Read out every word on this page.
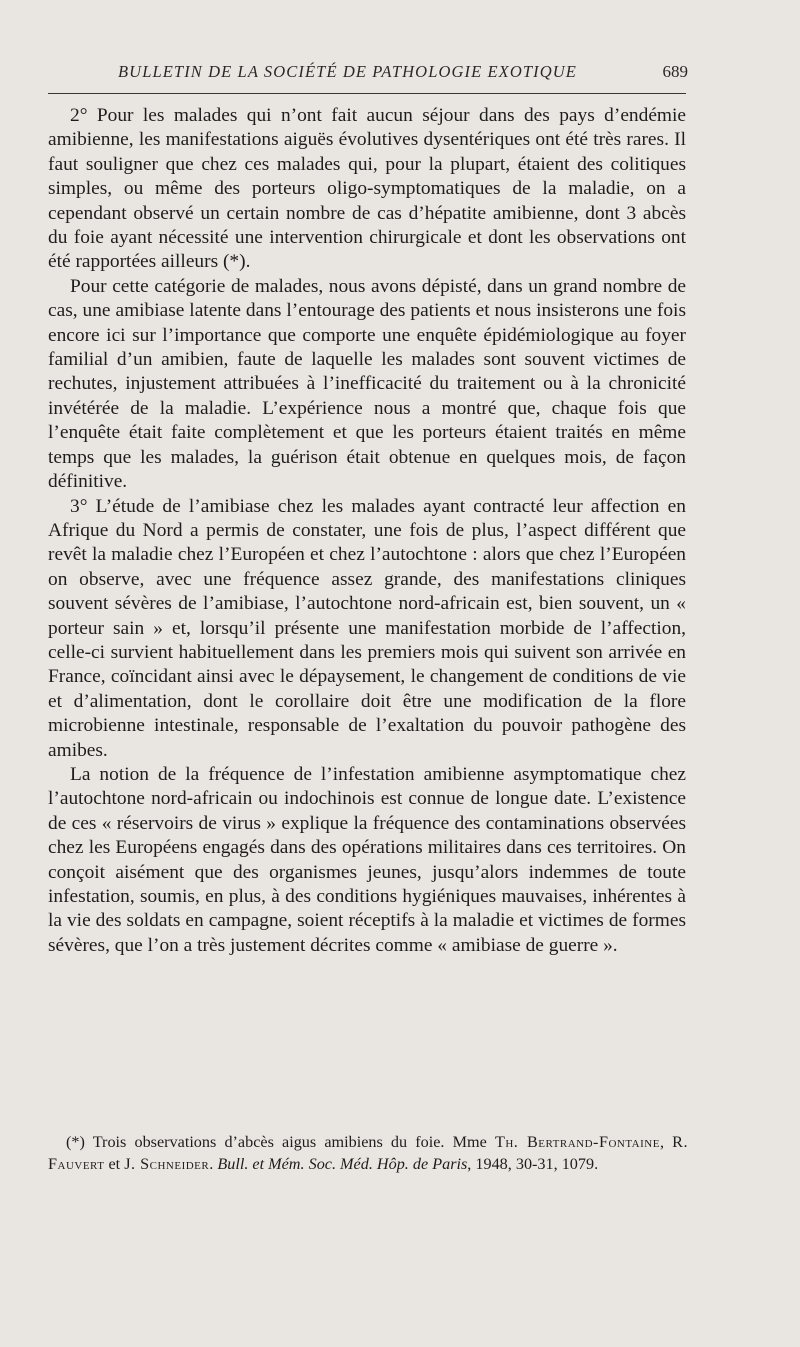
BULLETIN DE LA SOCIÉTÉ DE PATHOLOGIE EXOTIQUE	689

2° Pour les malades qui n’ont fait aucun séjour dans des pays d’endémie amibienne, les manifestations aiguës évolutives dysentériques ont été très rares. Il faut souligner que chez ces malades qui, pour la plupart, étaient des colitiques simples, ou même des porteurs oligo-symptomatiques de la maladie, on a cependant observé un certain nombre de cas d’hépatite amibienne, dont 3 abcès du foie ayant nécessité une intervention chirurgicale et dont les observations ont été rapportées ailleurs (*).

Pour cette catégorie de malades, nous avons dépisté, dans un grand nombre de cas, une amibiase latente dans l’entourage des patients et nous insisterons une fois encore ici sur l’importance que comporte une enquête épidémiologique au foyer familial d’un amibien, faute de laquelle les malades sont souvent victimes de rechutes, injustement attribuées à l’inefficacité du traitement ou à la chronicité invétérée de la maladie. L’expérience nous a montré que, chaque fois que l’enquête était faite complètement et que les porteurs étaient traités en même temps que les malades, la guérison était obtenue en quelques mois, de façon définitive.

3° L’étude de l’amibiase chez les malades ayant contracté leur affection en Afrique du Nord a permis de constater, une fois de plus, l’aspect différent que revêt la maladie chez l’Européen et chez l’autochtone : alors que chez l’Européen on observe, avec une fréquence assez grande, des manifestations cliniques souvent sévères de l’amibiase, l’autochtone nord-africain est, bien souvent, un « porteur sain » et, lorsqu’il présente une manifestation morbide de l’affection, celle-ci survient habituellement dans les premiers mois qui suivent son arrivée en France, coïncidant ainsi avec le dépaysement, le changement de conditions de vie et d’alimentation, dont le corollaire doit être une modification de la flore microbienne intestinale, responsable de l’exaltation du pouvoir pathogène des amibes.

La notion de la fréquence de l’infestation amibienne asymptomatique chez l’autochtone nord-africain ou indochinois est connue de longue date. L’existence de ces « réservoirs de virus » explique la fréquence des contaminations observées chez les Européens engagés dans des opérations militaires dans ces territoires. On conçoit aisément que des organismes jeunes, jusqu’alors indemmes de toute infestation, soumis, en plus, à des conditions hygiéniques mauvaises, inhérentes à la vie des soldats en campagne, soient réceptifs à la maladie et victimes de formes sévères, que l’on a très justement décrites comme « amibiase de guerre ».

(*) Trois observations d’abcès aigus amibiens du foie. Mme Th. Bertrand-Fontaine, R. Fauvert et J. Schneider. Bull. et Mém. Soc. Méd. Hôp. de Paris, 1948, 30-31, 1079.
